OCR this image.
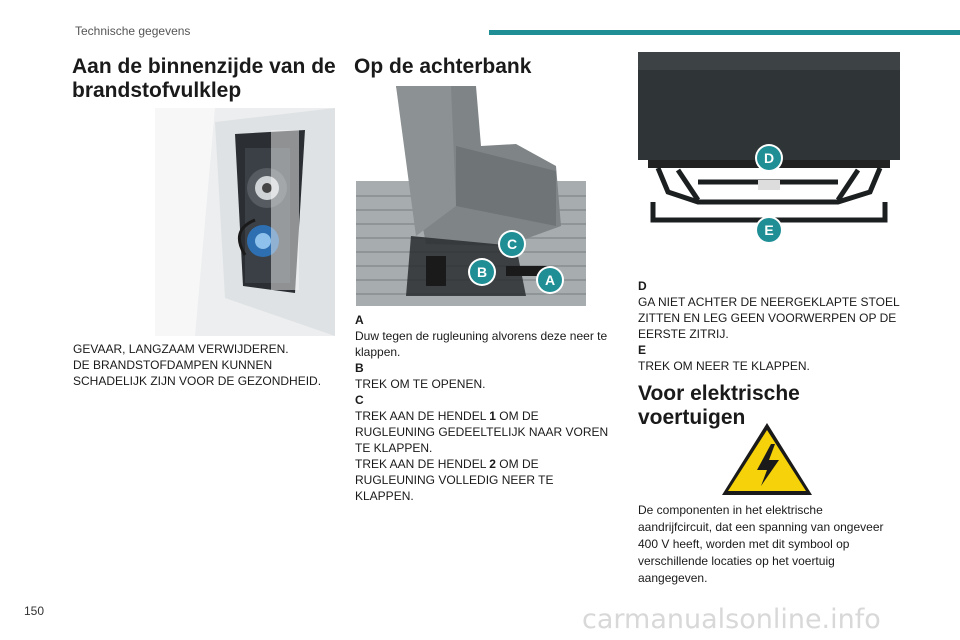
Technische gegevens
Aan de binnenzijde van de brandstofvulklep

GEVAAR, LANGZAAM VERWIJDEREN.

DE BRANDSTOFDAMPEN KUNNEN SCHADELIJK ZIJN VOOR DE GEZONDHEID.

Op de achterbank
C
B	A
A

Duw tegen de rugleuning alvorens deze neer te klappen.

B

TREK OM TE OPENEN.

C

TREK AAN DE HENDEL 1 OM DE RUGLEUNING GEDEELTELIJK NAAR VOREN TE KLAPPEN.

TREK AAN DE HENDEL 2 OM DE RUGLEUNING VOLLEDIG NEER TE KLAPPEN.

D
E
D

GA NIET ACHTER DE NEERGEKLAPTE STOEL ZITTEN EN LEG GEEN VOORWERPEN OP DE EERSTE ZITRIJ.

E

TREK OM NEER TE KLAPPEN.

Voor elektrische voertuigen

De componenten in het elektrische aandrijfcircuit, dat een spanning van ongeveer 400 V heeft, worden met dit symbool op verschillende locaties op het voertuig aangegeven.

150	carmanualsonline.info
